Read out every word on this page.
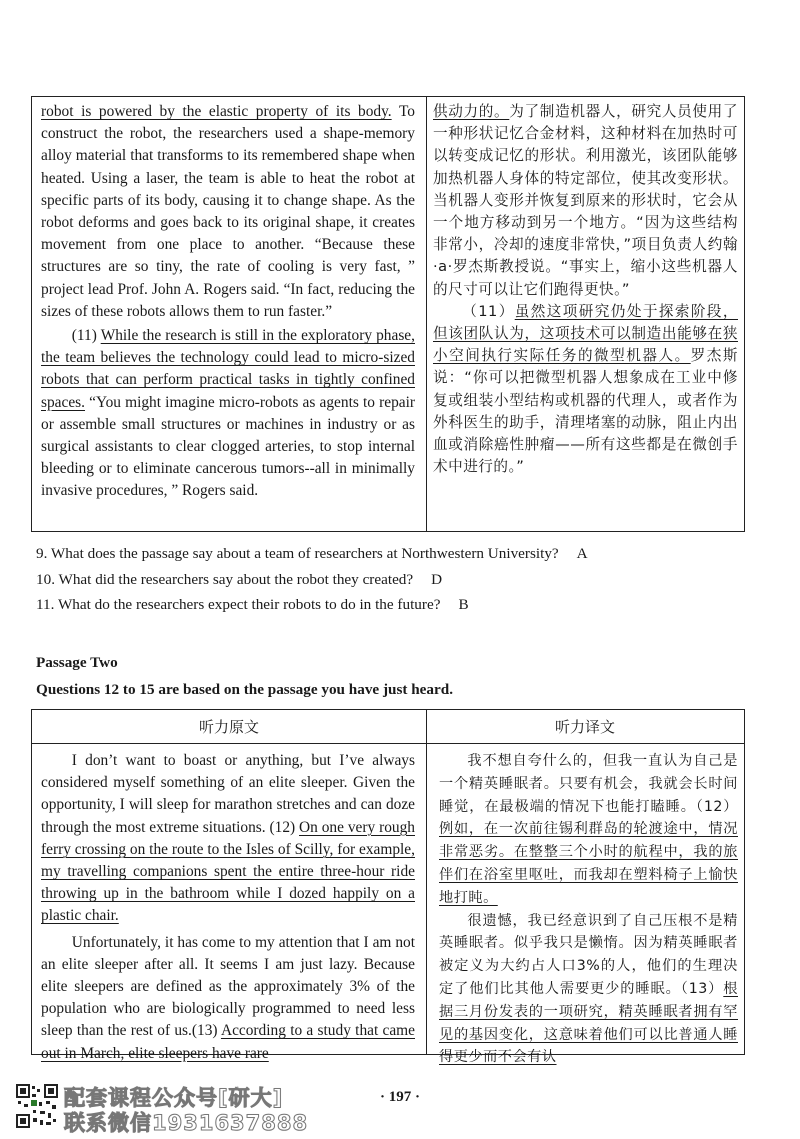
robot is powered by the elastic property of its body. To construct the robot, the researchers used a shape-memory alloy material that transforms to its remembered shape when heated. Using a laser, the team is able to heat the robot at specific parts of its body, causing it to change shape. As the robot deforms and goes back to its original shape, it creates movement from one place to another. “Because these structures are so tiny, the rate of cooling is very fast, ” project lead Prof. John A. Rogers said. “In fact, reducing the sizes of these robots allows them to run faster.”
(11) While the research is still in the exploratory phase, the team believes the technology could lead to micro-sized robots that can perform practical tasks in tightly confined spaces. “You might imagine micro-robots as agents to repair or assemble small structures or machines in industry or as surgical assistants to clear clogged arteries, to stop internal bleeding or to eliminate cancerous tumors--all in minimally invasive procedures, ” Rogers said.
供动力的。为了制造机器人，研究人员使用了一种形状记忆合金材料，这种材料在加热时可以转变成记忆的形状。利用激光，该团队能够加热机器人身体的特定部位，使其改变形状。当机器人变形并恢复到原来的形状时，它会从一个地方移动到另一个地方。“因为这些结构非常小，冷却的速度非常快，”项目负责人约翰·a·罗杰斯教授说。“事实上，缩小这些机器人的尺寸可以让它们跑得更快。”
（11）虽然这项研究仍处于探索阶段，但该团队认为，这项技术可以制造出能够在狭小空间执行实际任务的微型机器人。罗杰斯说：“你可以把微型机器人想象成在工业中修复或组装小型结构或机器的代理人，或者作为外科医生的助手，清理堵塞的动脉，阻止内出血或消除癌性肿瘤——所有这些都是在微创手术中进行的。”
9. What does the passage say about a team of researchers at Northwestern University? A
10. What did the researchers say about the robot they created? D
11. What do the researchers expect their robots to do in the future? B
Passage Two
Questions 12 to 15 are based on the passage you have just heard.
听力原文	听力译文
I don’t want to boast or anything, but I’ve always considered myself something of an elite sleeper. Given the opportunity, I will sleep for marathon stretches and can doze through the most extreme situations. (12) On one very rough ferry crossing on the route to the Isles of Scilly, for example, my travelling companions spent the entire three-hour ride throwing up in the bathroom while I dozed happily on a plastic chair.
Unfortunately, it has come to my attention that I am not an elite sleeper after all. It seems I am just lazy. Because elite sleepers are defined as the approximately 3% of the population who are biologically programmed to need less sleep than the rest of us.(13) According to a study that came out in March, elite sleepers have rare
我不想自夸什么的，但我一直认为自己是一个精英睡眠者。只要有机会，我就会长时间睡觉，在最极端的情况下也能打瞌睡。（12）例如，在一次前往锡利群岛的轮渡途中，情况非常恶劣。在整整三个小时的航程中，我的旅伴们在浴室里呕吐，而我却在塑料椅子上愉快地打盹。
很遗憾，我已经意识到了自己压根不是精英睡眠者。似乎我只是懒惰。因为精英睡眠者被定义为大约占人口3%的人，他们的生理决定了他们比其他人需要更少的睡眠。（13）根据三月份发表的一项研究，精英睡眠者拥有罕见的基因变化，这意味着他们可以比普通人睡得更少而不会有认
· 197 ·
配套课程公众号[研大]
联系微信1931637888
